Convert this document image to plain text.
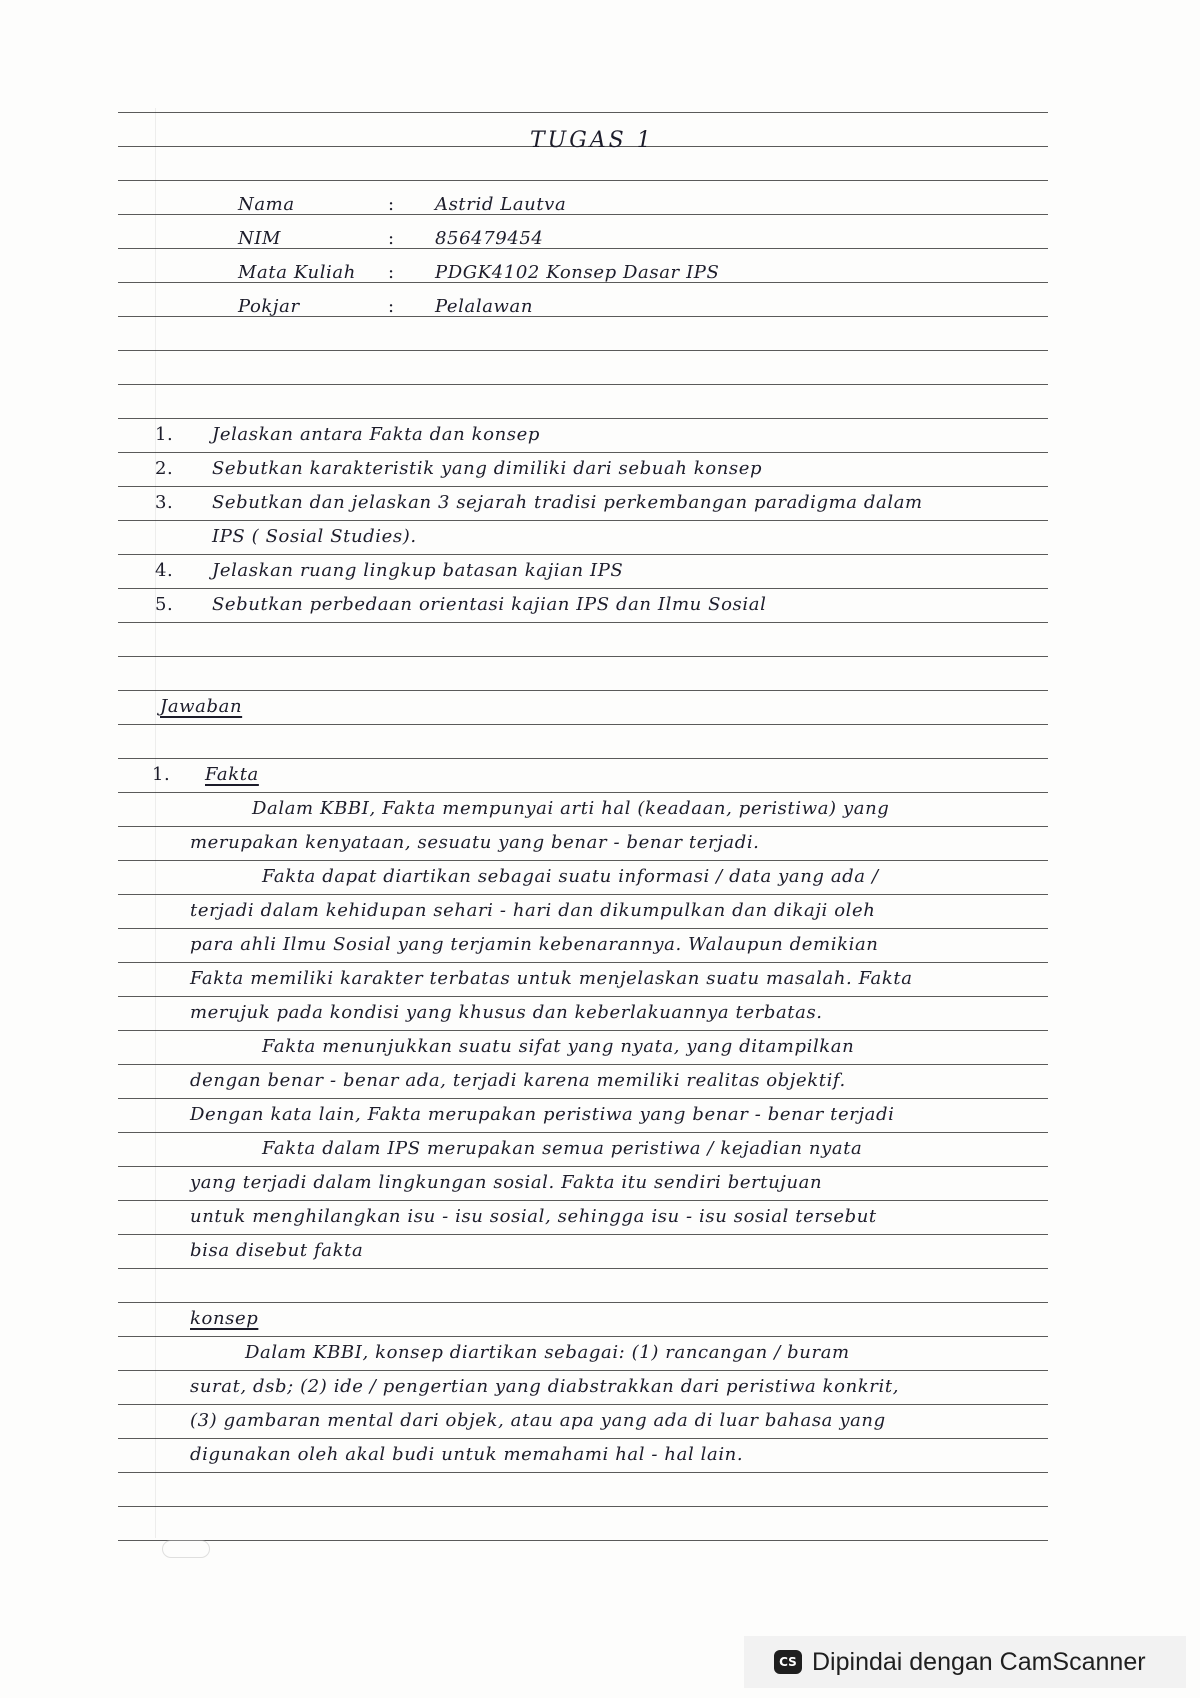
TUGAS 1
Nama	: Astrid Lautva
NIM	: 856479454
Mata Kuliah	: PDGK4102 Konsep Dasar IPS
Pokjar	: Pelalawan
1. Jelaskan antara Fakta dan konsep
2. Sebutkan karakteristik yang dimiliki dari sebuah konsep
3. Sebutkan dan jelaskan 3 sejarah tradisi perkembangan paradigma dalam
IPS ( Sosial Studies).
4. Jelaskan ruang lingkup batasan kajian IPS
5. Sebutkan perbedaan orientasi kajian IPS dan Ilmu Sosial
Jawaban
1. Fakta
Dalam KBBI, Fakta mempunyai arti hal (keadaan, peristiwa) yang
merupakan kenyataan, sesuatu yang benar - benar terjadi.
Fakta dapat diartikan sebagai suatu informasi / data yang ada /
terjadi dalam kehidupan sehari - hari dan dikumpulkan dan dikaji oleh
para ahli Ilmu Sosial yang terjamin kebenarannya. Walaupun demikian
Fakta memiliki karakter terbatas untuk menjelaskan suatu masalah. Fakta
merujuk pada kondisi yang khusus dan keberlakuannya terbatas.
Fakta menunjukkan suatu sifat yang nyata, yang ditampilkan
dengan benar - benar ada, terjadi karena memiliki realitas objektif.
Dengan kata lain, Fakta merupakan peristiwa yang benar - benar terjadi
Fakta dalam IPS merupakan semua peristiwa / kejadian nyata
yang terjadi dalam lingkungan sosial. Fakta itu sendiri bertujuan
untuk menghilangkan isu - isu sosial, sehingga isu - isu sosial tersebut
bisa disebut fakta
konsep
Dalam KBBI, konsep diartikan sebagai: (1) rancangan / buram
surat, dsb; (2) ide / pengertian yang diabstrakkan dari peristiwa konkrit,
(3) gambaran mental dari objek, atau apa yang ada di luar bahasa yang
digunakan oleh akal budi untuk memahami hal - hal lain.
CS Dipindai dengan CamScanner
